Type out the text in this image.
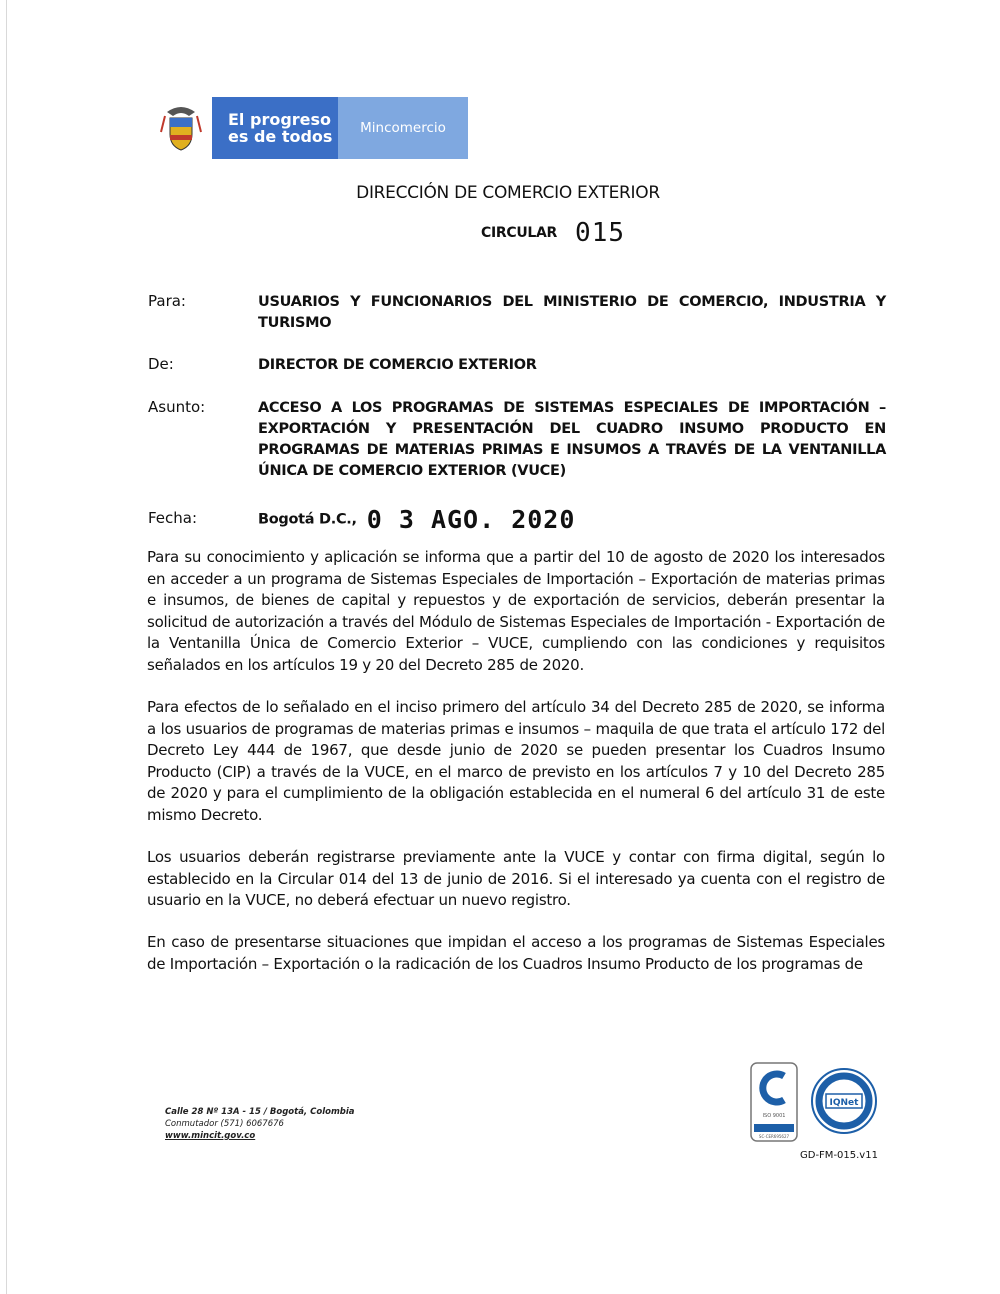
El progreso
es de todos	Mincomercio
DIRECCIÓN DE COMERCIO EXTERIOR
CIRCULAR 015
Para:	USUARIOS Y FUNCIONARIOS DEL MINISTERIO DE COMERCIO, INDUSTRIA Y TURISMO
De:	DIRECTOR DE COMERCIO EXTERIOR
Asunto:	ACCESO A LOS PROGRAMAS DE SISTEMAS ESPECIALES DE IMPORTACIÓN – EXPORTACIÓN Y PRESENTACIÓN DEL CUADRO INSUMO PRODUCTO EN PROGRAMAS DE MATERIAS PRIMAS E INSUMOS A TRAVÉS DE LA VENTANILLA ÚNICA DE COMERCIO EXTERIOR (VUCE)
Fecha:	Bogotá D.C., 0 3 AGO. 2020
Para su conocimiento y aplicación se informa que a partir del 10 de agosto de 2020 los interesados en acceder a un programa de Sistemas Especiales de Importación – Exportación de materias primas e insumos, de bienes de capital y repuestos y de exportación de servicios, deberán presentar la solicitud de autorización a través del Módulo de Sistemas Especiales de Importación - Exportación de la Ventanilla Única de Comercio Exterior – VUCE, cumpliendo con las condiciones y requisitos señalados en los artículos 19 y 20 del Decreto 285 de 2020.
Para efectos de lo señalado en el inciso primero del artículo 34 del Decreto 285 de 2020, se informa a los usuarios de programas de materias primas e insumos – maquila de que trata el artículo 172 del Decreto Ley 444 de 1967, que desde junio de 2020 se pueden presentar los Cuadros Insumo Producto (CIP) a través de la VUCE, en el marco de previsto en los artículos 7 y 10 del Decreto 285 de 2020 y para el cumplimiento de la obligación establecida en el numeral 6 del artículo 31 de este mismo Decreto.
Los usuarios deberán registrarse previamente ante la VUCE y contar con firma digital, según lo establecido en la Circular 014 del 13 de junio de 2016. Si el interesado ya cuenta con el registro de usuario en la VUCE, no deberá efectuar un nuevo registro.
En caso de presentarse situaciones que impidan el acceso a los programas de Sistemas Especiales de Importación – Exportación o la radicación de los Cuadros Insumo Producto de los programas de
Calle 28 Nº 13A - 15 / Bogotá, Colombia
Conmutador (571) 6067676
www.mincit.gov.co
ISO 9001
SC-CER695627
IQNet
GD-FM-015.v11
